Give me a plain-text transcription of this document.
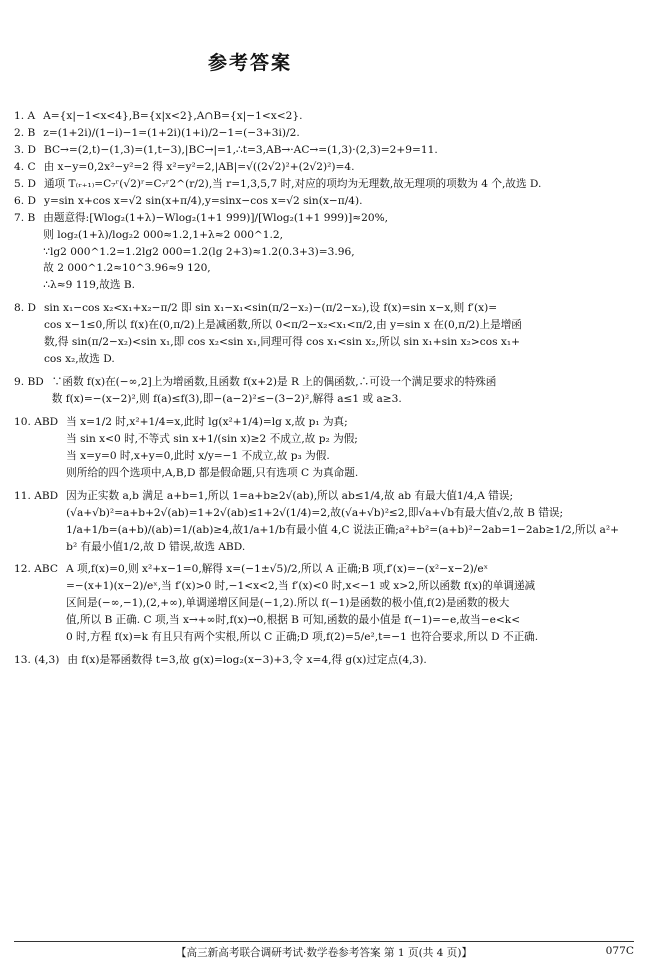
参考答案
1. A A={x|−1<x<4},B={x|x<2},A∩B={x|−1<x<2}.
2. B z=(1+2i)/(1−i)−1=(1+2i)(1+i)/2−1=(−3+3i)/2.
3. D BC→=(2,t)−(1,3)=(1,t−3),|BC→|=1,∴t=3,AB→·AC→=(1,3)·(2,3)=2+9=11.
4. C 由 x−y=0,2x²−y²=2 得 x²=y²=2,|AB|=√((2√2)²+(2√2)²)=4.
5. D 通项 T₍ᵣ₊₁₎=C₇ʳ(√2)ʳ=C₇ʳ2^(r/2),当 r=1,3,5,7 时,对应的项均为无理数,故无理项的项数为 4 个,故选 D.
6. D y=sin x+cos x=√2 sin(x+π/4),y=sinx−cos x=√2 sin(x−π/4).
7. B 由题意得:[Wlog₂(1+λ)−Wlog₂(1+1 999)]/[Wlog₂(1+1 999)]≈20%,
则 log₂(1+λ)/log₂2 000≈1.2,1+λ≈2 000^1.2,
∵lg2 000^1.2=1.2lg2 000=1.2(lg 2+3)≈1.2(0.3+3)=3.96,
故 2 000^1.2≈10^3.96≈9 120,
∴λ≈9 119,故选 B.
8. D sin x₁−cos x₂<x₁+x₂−π/2 即 sin x₁−x₁<sin(π/2−x₂)−(π/2−x₂),设 f(x)=sin x−x,则 f′(x)=
cos x−1≤0,所以 f(x)在(0,π/2)上是减函数,所以 0<π/2−x₂<x₁<π/2,由 y=sin x 在(0,π/2)上是增函
数,得 sin(π/2−x₂)<sin x₁,即 cos x₂<sin x₁,同理可得 cos x₁<sin x₂,所以 sin x₁+sin x₂>cos x₁+
cos x₂,故选 D.
9. BD ∵函数 f(x)在(−∞,2]上为增函数,且函数 f(x+2)是 R 上的偶函数,∴可设一个满足要求的特殊函
数 f(x)=−(x−2)²,则 f(a)≤f(3),即−(a−2)²≤−(3−2)²,解得 a≤1 或 a≥3.
10. ABD 当 x=1/2 时,x²+1/4=x,此时 lg(x²+1/4)=lg x,故 p₁ 为真;
当 sin x<0 时,不等式 sin x+1/(sin x)≥2 不成立,故 p₂ 为假;
当 x=y=0 时,x+y=0,此时 x/y=−1 不成立,故 p₃ 为假.
则所给的四个选项中,A,B,D 都是假命题,只有选项 C 为真命题.
11. ABD 因为正实数 a,b 满足 a+b=1,所以 1=a+b≥2√(ab),所以 ab≤1/4,故 ab 有最大值1/4,A 错误;
(√a+√b)²=a+b+2√(ab)=1+2√(ab)≤1+2√(1/4)=2,故(√a+√b)²≤2,即√a+√b有最大值√2,故 B 错误;
1/a+1/b=(a+b)/(ab)=1/(ab)≥4,故1/a+1/b有最小值 4,C 说法正确;a²+b²=(a+b)²−2ab=1−2ab≥1/2,所以 a²+
b² 有最小值1/2,故 D 错误,故选 ABD.
12. ABC A 项,f(x)=0,则 x²+x−1=0,解得 x=(−1±√5)/2,所以 A 正确;B 项,f′(x)=−(x²−x−2)/eˣ
=−(x+1)(x−2)/eˣ,当 f′(x)>0 时,−1<x<2,当 f′(x)<0 时,x<−1 或 x>2,所以函数 f(x)的单调递减
区间是(−∞,−1),(2,+∞),单调递增区间是(−1,2).所以 f(−1)是函数的极小值,f(2)是函数的极大
值,所以 B 正确. C 项,当 x→+∞时,f(x)→0,根据 B 可知,函数的最小值是 f(−1)=−e,故当−e<k<
0 时,方程 f(x)=k 有且只有两个实根,所以 C 正确;D 项,f(2)=5/e²,t=−1 也符合要求,所以 D 不正确.
13. (4,3) 由 f(x)是幂函数得 t=3,故 g(x)=log₂(x−3)+3,令 x=4,得 g(x)过定点(4,3).
【高三新高考联合调研考试·数学卷参考答案 第 1 页(共 4 页)】	077C
